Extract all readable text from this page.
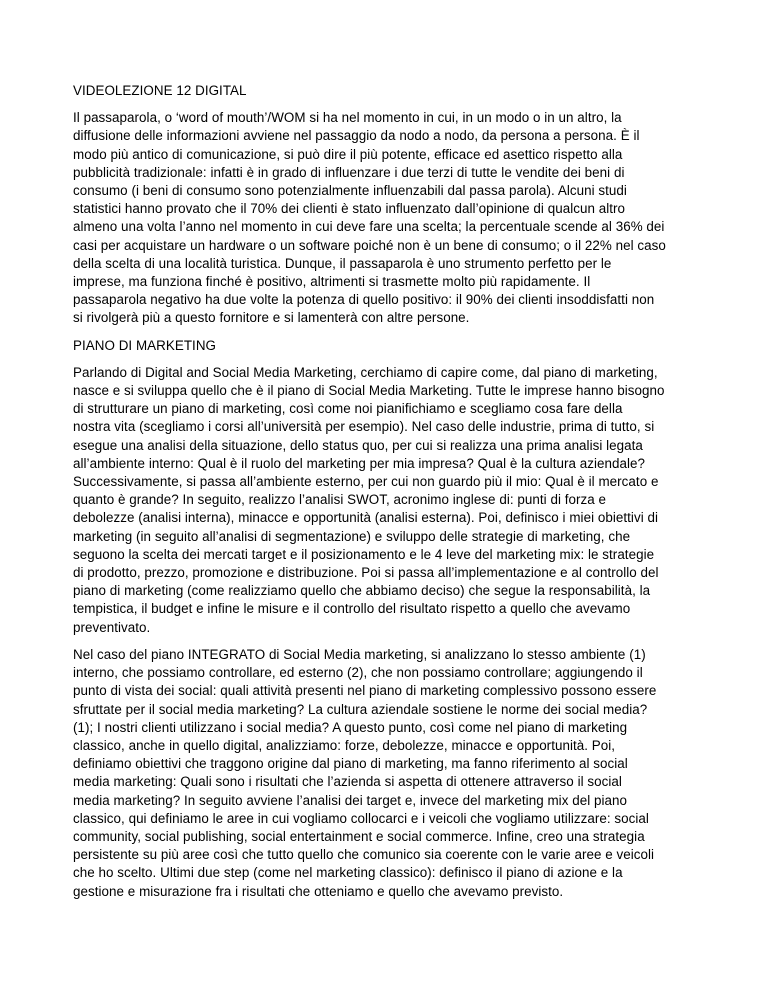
VIDEOLEZIONE 12 DIGITAL

Il passaparola, o ‘word of mouth’/WOM si ha nel momento in cui, in un modo o in un altro, la
diffusione delle informazioni avviene nel passaggio da nodo a nodo, da persona a persona. È il
modo più antico di comunicazione, si può dire il più potente, efficace ed asettico rispetto alla
pubblicità tradizionale: infatti è in grado di influenzare i due terzi di tutte le vendite dei beni di
consumo (i beni di consumo sono potenzialmente influenzabili dal passa parola). Alcuni studi
statistici hanno provato che il 70% dei clienti è stato influenzato dall’opinione di qualcun altro
almeno una volta l’anno nel momento in cui deve fare una scelta; la percentuale scende al 36% dei
casi per acquistare un hardware o un software poiché non è un bene di consumo; o il 22% nel caso
della scelta di una località turistica. Dunque, il passaparola è uno strumento perfetto per le
imprese, ma funziona finché è positivo, altrimenti si trasmette molto più rapidamente. Il
passaparola negativo ha due volte la potenza di quello positivo: il 90% dei clienti insoddisfatti non
si rivolgerà più a questo fornitore e si lamenterà con altre persone.

PIANO DI MARKETING

Parlando di Digital and Social Media Marketing, cerchiamo di capire come, dal piano di marketing,
nasce e si sviluppa quello che è il piano di Social Media Marketing. Tutte le imprese hanno bisogno
di strutturare un piano di marketing, così come noi pianifichiamo e scegliamo cosa fare della
nostra vita (scegliamo i corsi all’università per esempio). Nel caso delle industrie, prima di tutto, si
esegue una analisi della situazione, dello status quo, per cui si realizza una prima analisi legata
all’ambiente interno: Qual è il ruolo del marketing per mia impresa? Qual è la cultura aziendale?
Successivamente, si passa all’ambiente esterno, per cui non guardo più il mio: Qual è il mercato e
quanto è grande? In seguito, realizzo l’analisi SWOT, acronimo inglese di: punti di forza e
debolezze (analisi interna), minacce e opportunità (analisi esterna). Poi, definisco i miei obiettivi di
marketing (in seguito all’analisi di segmentazione) e sviluppo delle strategie di marketing, che
seguono la scelta dei mercati target e il posizionamento e le 4 leve del marketing mix: le strategie
di prodotto, prezzo, promozione e distribuzione. Poi si passa all’implementazione e al controllo del
piano di marketing (come realizziamo quello che abbiamo deciso) che segue la responsabilità, la
tempistica, il budget e infine le misure e il controllo del risultato rispetto a quello che avevamo
preventivato.

Nel caso del piano INTEGRATO di Social Media marketing, si analizzano lo stesso ambiente (1)
interno, che possiamo controllare, ed esterno (2), che non possiamo controllare; aggiungendo il
punto di vista dei social: quali attività presenti nel piano di marketing complessivo possono essere
sfruttate per il social media marketing? La cultura aziendale sostiene le norme dei social media?
(1); I nostri clienti utilizzano i social media? A questo punto, così come nel piano di marketing
classico, anche in quello digital, analizziamo: forze, debolezze, minacce e opportunità. Poi,
definiamo obiettivi che traggono origine dal piano di marketing, ma fanno riferimento al social
media marketing: Quali sono i risultati che l’azienda si aspetta di ottenere attraverso il social
media marketing? In seguito avviene l’analisi dei target e, invece del marketing mix del piano
classico, qui definiamo le aree in cui vogliamo collocarci e i veicoli che vogliamo utilizzare: social
community, social publishing, social entertainment e social commerce. Infine, creo una strategia
persistente su più aree così che tutto quello che comunico sia coerente con le varie aree e veicoli
che ho scelto. Ultimi due step (come nel marketing classico): definisco il piano di azione e la
gestione e misurazione fra i risultati che otteniamo e quello che avevamo previsto.
